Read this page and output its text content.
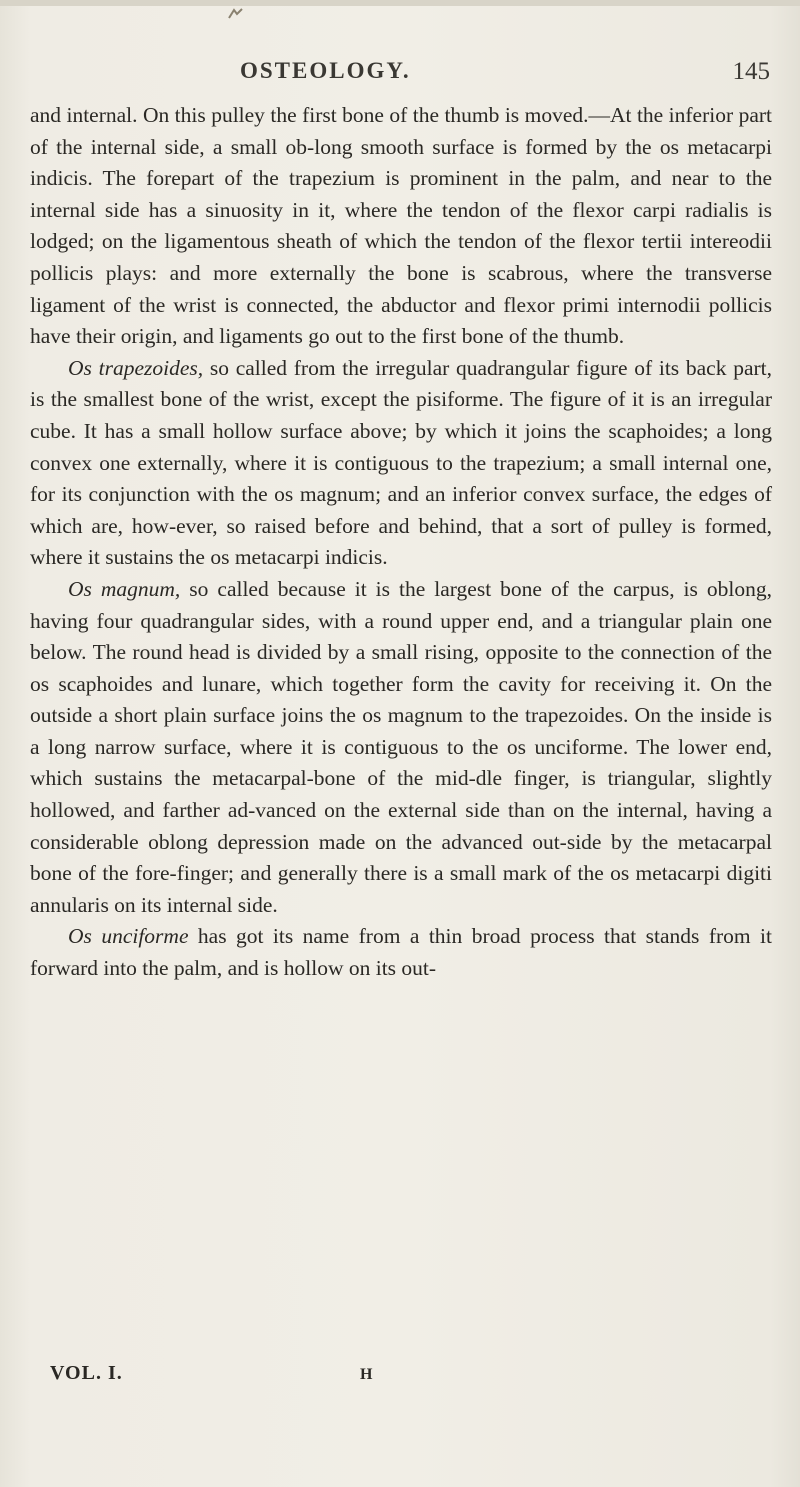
OSTEOLOGY.	145

and internal. On this pulley the first bone of the thumb is moved.—At the inferior part of the internal side, a small ob-long smooth surface is formed by the os metacarpi indicis. The forepart of the trapezium is prominent in the palm, and near to the internal side has a sinuosity in it, where the tendon of the flexor carpi radialis is lodged; on the ligamentous sheath of which the tendon of the flexor tertii intereodii pollicis plays: and more externally the bone is scabrous, where the transverse ligament of the wrist is connected, the abductor and flexor primi internodii pollicis have their origin, and ligaments go out to the first bone of the thumb.

Os trapezoides, so called from the irregular quadrangular figure of its back part, is the smallest bone of the wrist, except the pisiforme. The figure of it is an irregular cube. It has a small hollow surface above; by which it joins the scaphoides; a long convex one externally, where it is contiguous to the trapezium; a small internal one, for its conjunction with the os magnum; and an inferior convex surface, the edges of which are, how-ever, so raised before and behind, that a sort of pulley is formed, where it sustains the os metacarpi indicis.

Os magnum, so called because it is the largest bone of the carpus, is oblong, having four quadrangular sides, with a round upper end, and a triangular plain one below. The round head is divided by a small rising, opposite to the connection of the os scaphoides and lunare, which together form the cavity for receiving it. On the outside a short plain surface joins the os magnum to the trapezoides. On the inside is a long narrow surface, where it is contiguous to the os unciforme. The lower end, which sustains the metacarpal-bone of the mid-dle finger, is triangular, slightly hollowed, and farther ad-vanced on the external side than on the internal, having a considerable oblong depression made on the advanced out-side by the metacarpal bone of the fore-finger; and generally there is a small mark of the os metacarpi digiti annularis on its internal side.

Os unciforme has got its name from a thin broad process that stands from it forward into the palm, and is hollow on its out-

VOL. I.	H
